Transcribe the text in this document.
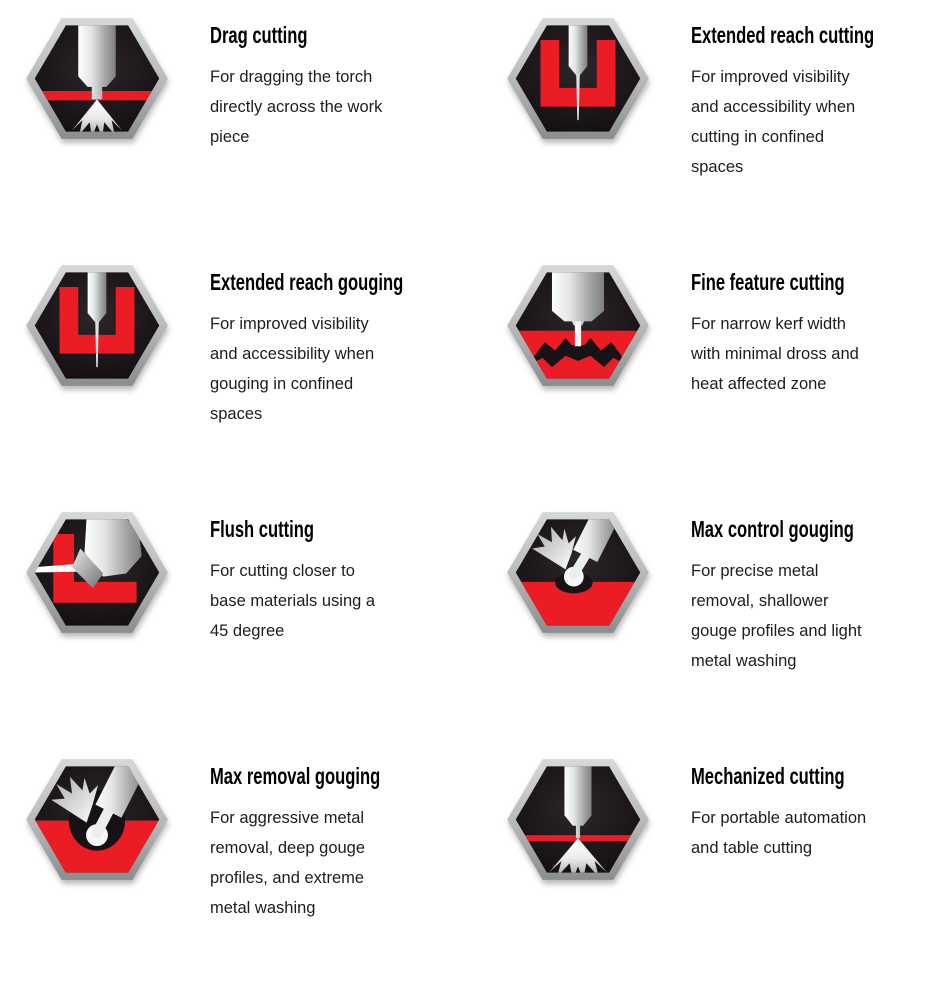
Drag cutting
For dragging the torch
directly across the work
piece
Extended reach cutting
For improved visibility
and accessibility when
cutting in confined
spaces
Extended reach gouging
For improved visibility
and accessibility when
gouging in confined
spaces
Fine feature cutting
For narrow kerf width
with minimal dross and
heat affected zone
Flush cutting
For cutting closer to
base materials using a
45 degree
Max control gouging
For precise metal
removal, shallower
gouge profiles and light
metal washing
Max removal gouging
For aggressive metal
removal, deep gouge
profiles, and extreme
metal washing
Mechanized cutting
For portable automation
and table cutting
